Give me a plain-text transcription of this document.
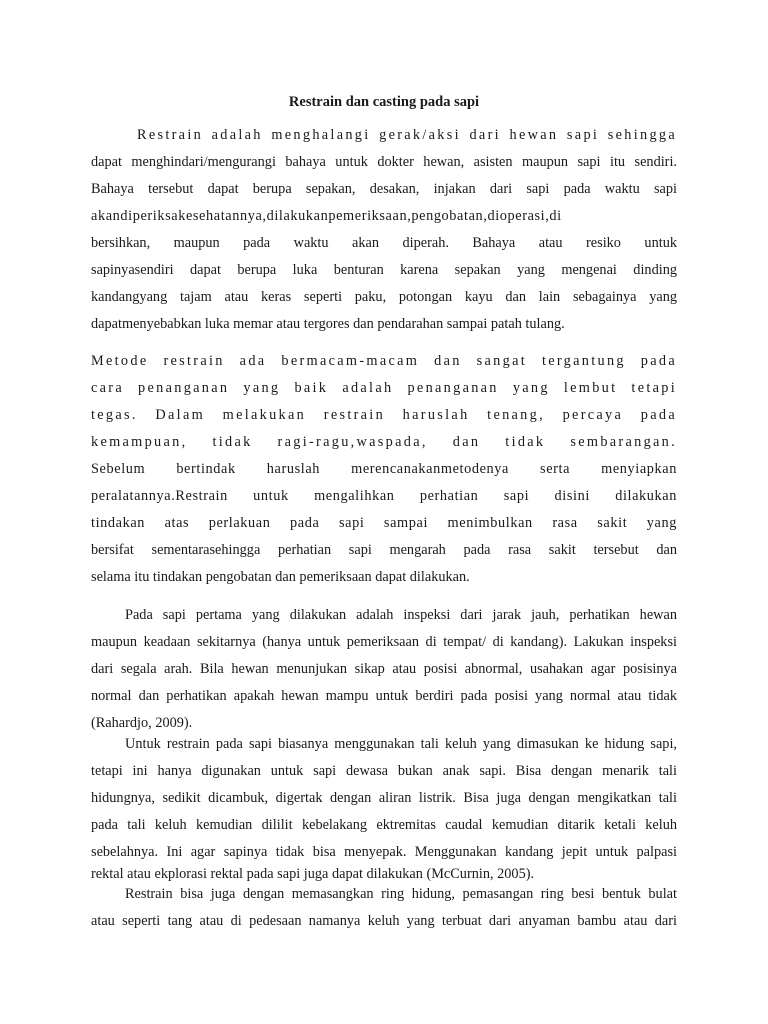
Restrain dan casting pada sapi
Restrain adalah menghalangi gerak/aksi dari hewan sapi sehingga
dapat menghindari/mengurangi bahaya untuk dokter hewan, asisten maupun sapi itu sendiri.
Bahaya tersebut dapat berupa sepakan, desakan, injakan dari sapi pada waktu sapi
akandiperiksakesehatannya,dilakukanpemeriksaan,pengobatan,dioperasi,di
bersihkan, maupun pada waktu akan diperah. Bahaya atau resiko untuk
sapinyasendiri dapat berupa luka benturan karena sepakan yang mengenai dinding
kandangyang tajam atau keras seperti paku, potongan kayu dan lain sebagainya yang
dapatmenyebabkan luka memar atau tergores dan pendarahan sampai patah tulang.
Metode restrain ada bermacam-macam dan sangat tergantung pada
cara penanganan yang baik adalah penanganan yang lembut tetapi
tegas. Dalam melakukan restrain haruslah tenang, percaya pada
kemampuan, tidak ragi-ragu,waspada, dan tidak sembarangan.
Sebelum bertindak haruslah merencanakanmetodenya serta menyiapkan
peralatannya.Restrain untuk mengalihkan perhatian sapi disini dilakukan
tindakan atas perlakuan pada sapi sampai menimbulkan rasa sakit yang
bersifat sementarasehingga perhatian sapi mengarah pada rasa sakit tersebut dan
selama itu tindakan pengobatan dan pemeriksaan dapat dilakukan.
Pada sapi pertama yang dilakukan adalah inspeksi dari jarak jauh, perhatikan hewan
maupun keadaan sekitarnya (hanya untuk pemeriksaan di tempat/ di kandang). Lakukan inspeksi
dari segala arah. Bila hewan menunjukan sikap atau posisi abnormal, usahakan agar posisinya
normal dan perhatikan apakah hewan mampu untuk berdiri pada posisi yang normal atau tidak
(Rahardjo, 2009).
Untuk restrain pada sapi biasanya menggunakan tali keluh yang dimasukan ke hidung sapi,
tetapi ini hanya digunakan untuk sapi dewasa bukan anak sapi. Bisa dengan menarik tali
hidungnya, sedikit dicambuk, digertak dengan aliran listrik. Bisa juga dengan mengikatkan tali
pada tali keluh kemudian dililit kebelakang ektremitas caudal kemudian ditarik ketali keluh
sebelahnya. Ini agar sapinya tidak bisa menyepak. Menggunakan kandang jepit untuk palpasi
rektal atau ekplorasi rektal pada sapi juga dapat dilakukan (McCurnin, 2005).
Restrain bisa juga dengan memasangkan ring hidung, pemasangan ring besi bentuk bulat
atau seperti tang atau di pedesaan namanya keluh yang terbuat dari anyaman bambu atau dari
